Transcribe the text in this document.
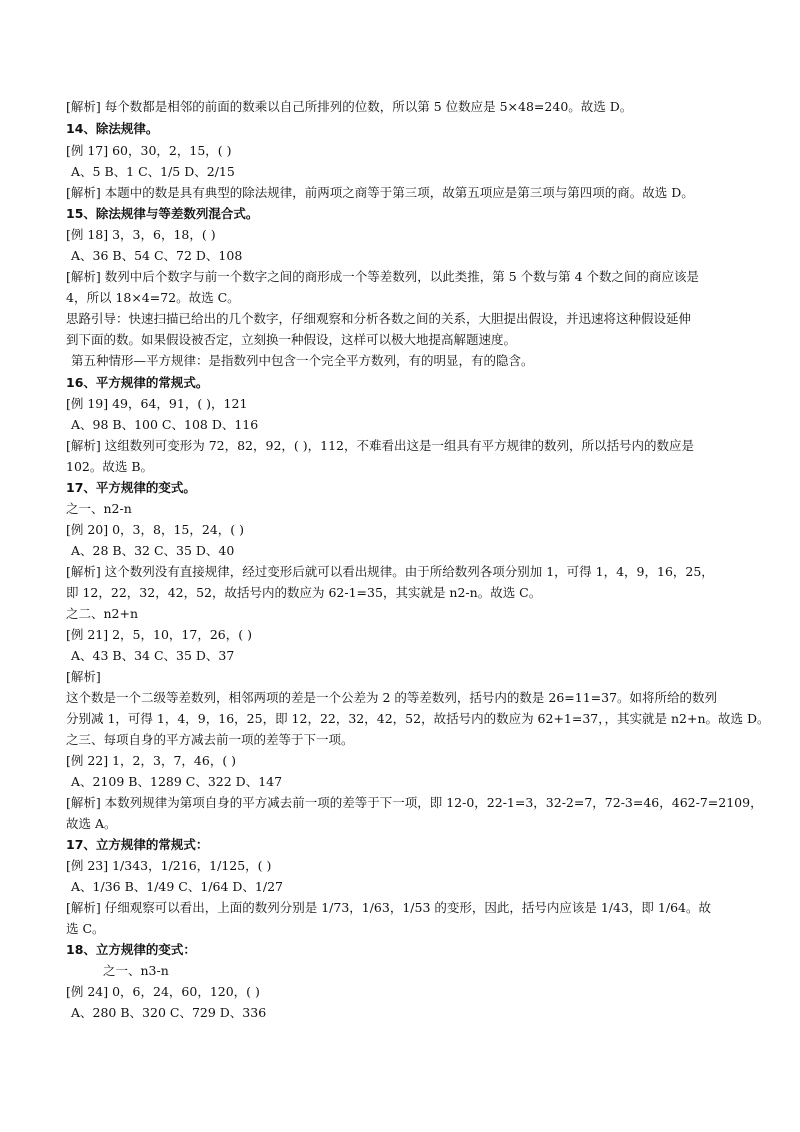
[解析] 每个数都是相邻的前面的数乘以自己所排列的位数，所以第 5 位数应是 5×48=240。故选 D。
14、除法规律。
[例 17] 60，30，2，15，( )
A、5 B、1 C、1/5 D、2/15
[解析] 本题中的数是具有典型的除法规律，前两项之商等于第三项，故第五项应是第三项与第四项的商。故选 D。
15、除法规律与等差数列混合式。
[例 18] 3，3，6，18，( )
A、36 B、54 C、72 D、108
[解析] 数列中后个数字与前一个数字之间的商形成一个等差数列，以此类推，第 5 个数与第 4 个数之间的商应该是
4，所以 18×4=72。故选 C。
思路引导：快速扫描已给出的几个数字，仔细观察和分析各数之间的关系，大胆提出假设，并迅速将这种假设延伸
到下面的数。如果假设被否定，立刻换一种假设，这样可以极大地提高解题速度。
第五种情形—平方规律：是指数列中包含一个完全平方数列，有的明显，有的隐含。
16、平方规律的常规式。
[例 19] 49，64，91，( )，121
A、98 B、100 C、108 D、116
[解析] 这组数列可变形为 72，82，92，( )，112，不难看出这是一组具有平方规律的数列，所以括号内的数应是
102。故选 B。
17、平方规律的变式。
之一、n2-n
[例 20] 0，3，8，15，24，( )
A、28 B、32 C、35 D、40
[解析] 这个数列没有直接规律，经过变形后就可以看出规律。由于所给数列各项分别加 1，可得 1，4，9，16，25，
即 12，22，32，42，52，故括号内的数应为 62-1=35，其实就是 n2-n。故选 C。
之二、n2+n
[例 21] 2，5，10，17，26，( )
A、43 B、34 C、35 D、37
[解析]
这个数是一个二级等差数列，相邻两项的差是一个公差为 2 的等差数列，括号内的数是 26=11=37。如将所给的数列
分别减 1，可得 1，4，9，16，25，即 12，22，32，42，52，故括号内的数应为 62+1=37，，其实就是 n2+n。故选 D。
之三、每项自身的平方减去前一项的差等于下一项。
[例 22] 1，2，3，7，46，( )
A、2109 B、1289 C、322 D、147
[解析] 本数列规律为第项自身的平方减去前一项的差等于下一项，即 12-0，22-1=3，32-2=7，72-3=46，462-7=2109，
故选 A。
17、立方规律的常规式：
[例 23] 1/343，1/216，1/125，( )
A、1/36 B、1/49 C、1/64 D、1/27
[解析] 仔细观察可以看出，上面的数列分别是 1/73，1/63，1/53 的变形，因此，括号内应该是 1/43，即 1/64。故
选 C。
18、立方规律的变式：
之一、n3-n
[例 24] 0，6，24，60，120，( )
A、280 B、320 C、729 D、336
